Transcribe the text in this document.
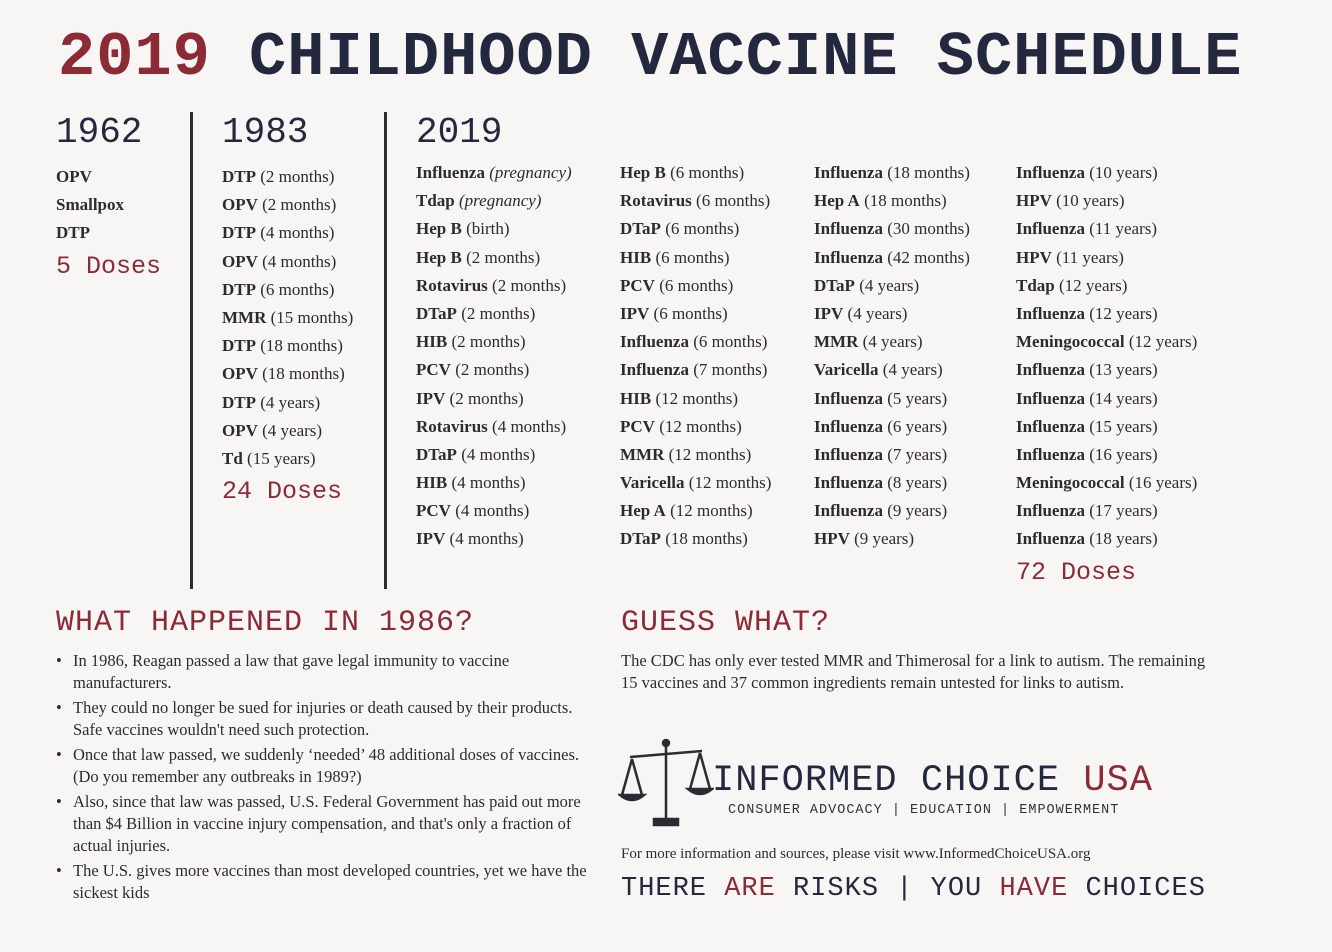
2019 CHILDHOOD VACCINE SCHEDULE
1962 1983	2019
OPV
Smallpox
DTP
5 Doses
DTP (2 months)
OPV (2 months)
DTP (4 months)
OPV (4 months)
DTP (6 months)
MMR (15 months)
DTP (18 months)
OPV (18 months)
DTP (4 years)
OPV (4 years)
Td (15 years)
24 Doses
Influenza (pregnancy)
Tdap (pregnancy)
Hep B (birth)
Hep B (2 months)
Rotavirus (2 months)
DTaP (2 months)
HIB (2 months)
PCV (2 months)
IPV (2 months)
Rotavirus (4 months)
DTaP (4 months)
HIB (4 months)
PCV (4 months)
IPV (4 months)
Hep B (6 months)
Rotavirus (6 months)
DTaP (6 months)
HIB (6 months)
PCV (6 months)
IPV (6 months)
Influenza (6 months)
Influenza (7 months)
HIB (12 months)
PCV (12 months)
MMR (12 months)
Varicella (12 months)
Hep A (12 months)
DTaP (18 months)
Influenza (18 months)
Hep A (18 months)
Influenza (30 months)
Influenza (42 months)
DTaP (4 years)
IPV (4 years)
MMR (4 years)
Varicella (4 years)
Influenza (5 years)
Influenza (6 years)
Influenza (7 years)
Influenza (8 years)
Influenza (9 years)
HPV (9 years)
Influenza (10 years)
HPV (10 years)
Influenza (11 years)
HPV (11 years)
Tdap (12 years)
Influenza (12 years)
Meningococcal (12 years)
Influenza (13 years)
Influenza (14 years)
Influenza (15 years)
Influenza (16 years)
Meningococcal (16 years)
Influenza (17 years)
Influenza (18 years)
72 Doses
WHAT HAPPENED IN 1986?
• In 1986, Reagan passed a law that gave legal immunity to vaccine manufacturers.
• They could no longer be sued for injuries or death caused by their products. Safe vaccines wouldn't need such protection.
• Once that law passed, we suddenly ‘needed’ 48 additional doses of vaccines. (Do you remember any outbreaks in 1989?)
• Also, since that law was passed, U.S. Federal Government has paid out more than $4 Billion in vaccine injury compensation, and that's only a fraction of actual injuries.
• The U.S. gives more vaccines than most developed countries, yet we have the sickest kids
GUESS WHAT?
The CDC has only ever tested MMR and Thimerosal for a link to autism. The remaining 15 vaccines and 37 common ingredients remain untested for links to autism.
INFORMED CHOICE USA
CONSUMER ADVOCACY | EDUCATION | EMPOWERMENT
For more information and sources, please visit www.InformedChoiceUSA.org
THERE ARE RISKS | YOU HAVE CHOICES
